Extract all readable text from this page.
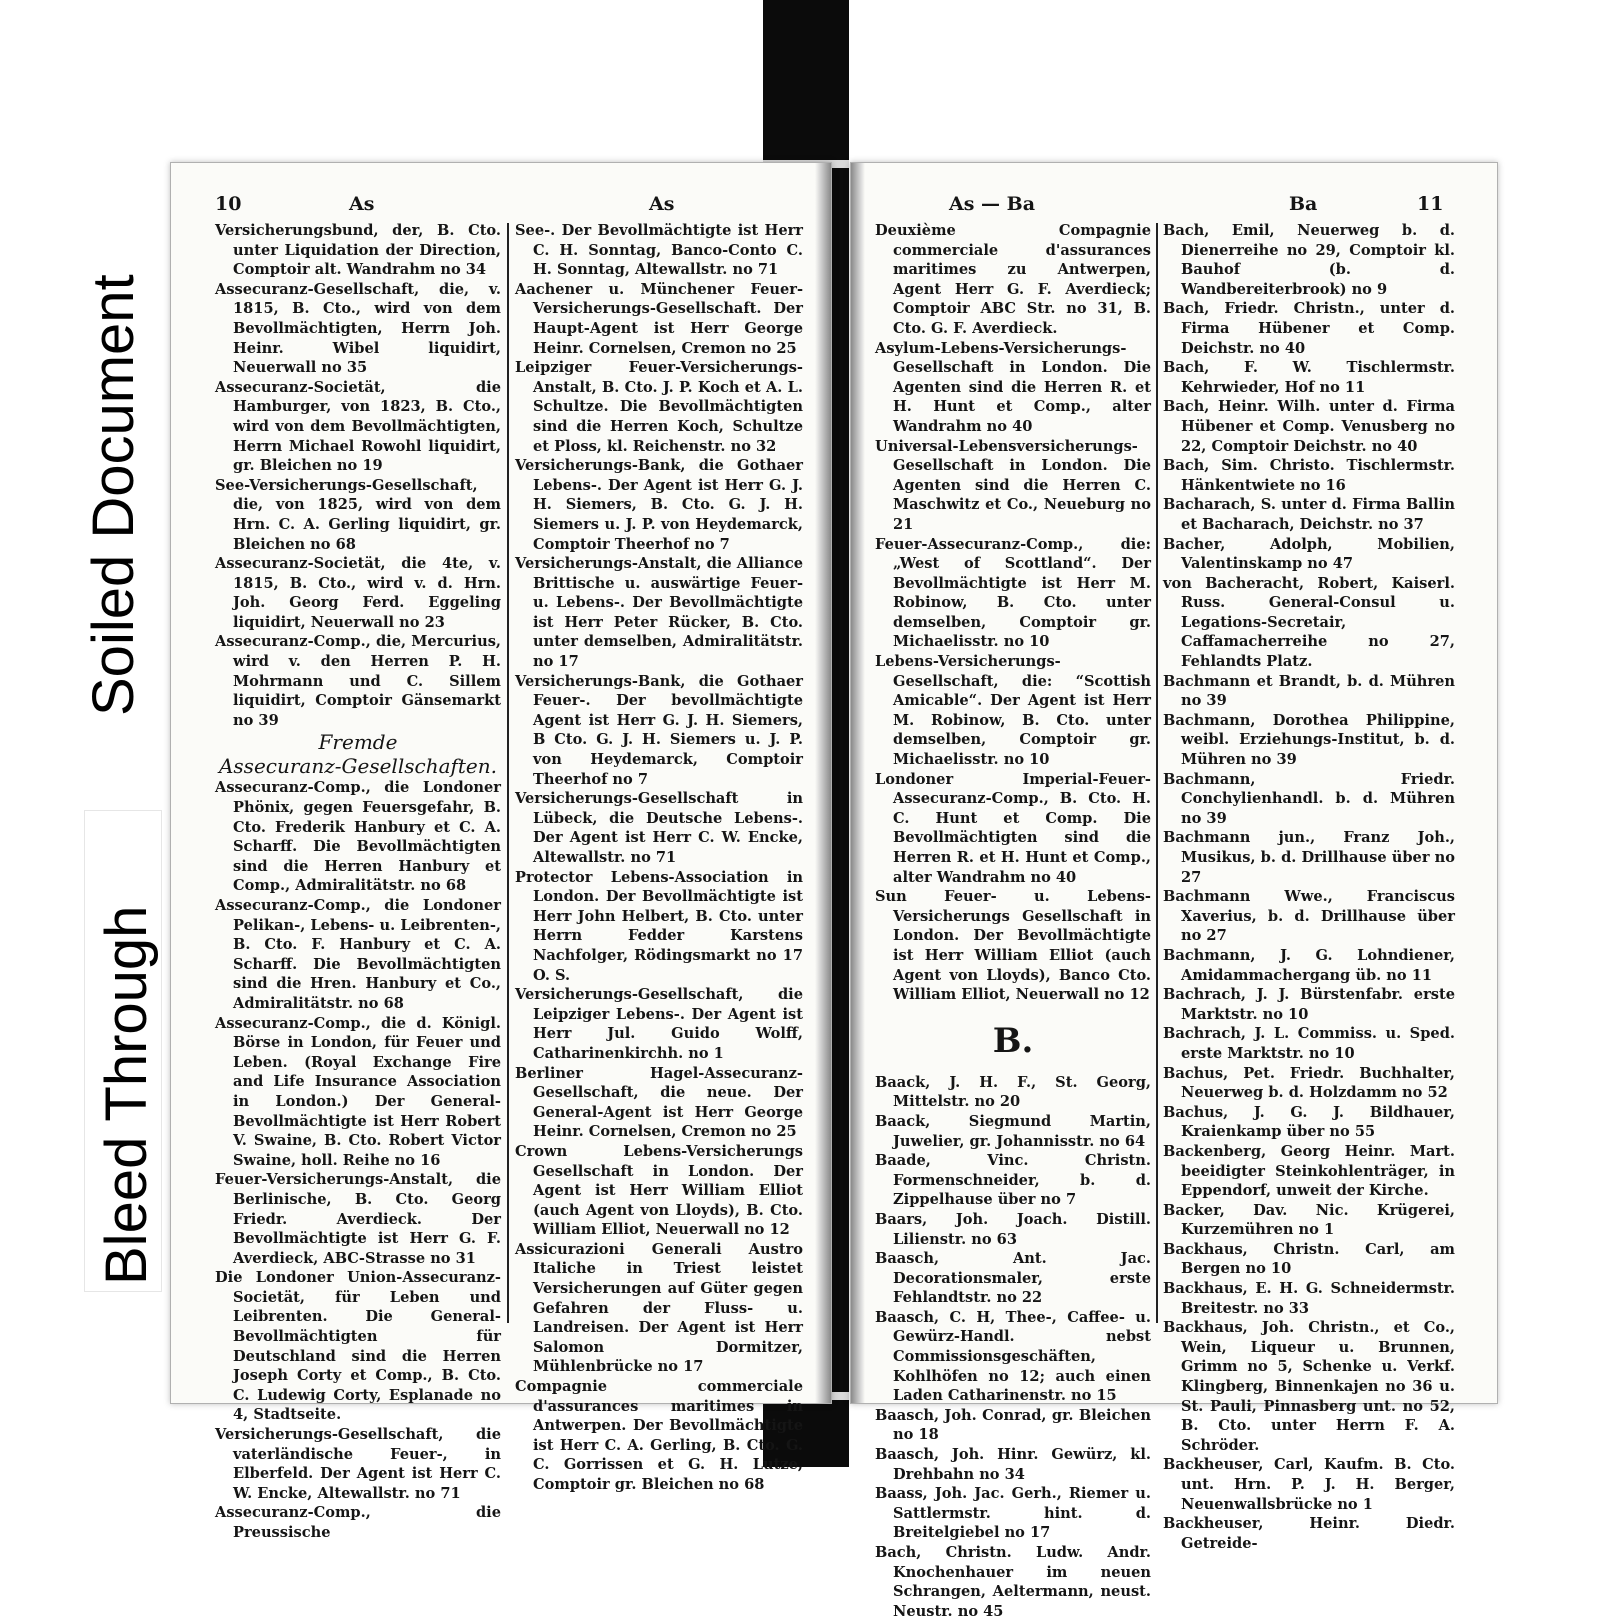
Soiled Document
Bleed Through
10	As	As
Versicherungsbund, der, B. Cto. unter Liquidation der Direction, Comptoir alt. Wandrahm no 34
Assecuranz-Gesellschaft, die, v. 1815, B. Cto., wird von dem Bevollmächtigten, Herrn Joh. Heinr. Wibel liquidirt, Neuerwall no 35
Assecuranz-Societät, die Hamburger, von 1823, B. Cto., wird von dem Bevollmächtigten, Herrn Michael Rowohl liquidirt, gr. Bleichen no 19
See-Versicherungs-Gesellschaft, die, von 1825, wird von dem Hrn. C. A. Gerling liquidirt, gr. Bleichen no 68
Assecuranz-Societät, die 4te, v. 1815, B. Cto., wird v. d. Hrn. Joh. Georg Ferd. Eggeling liquidirt, Neuerwall no 23
Assecuranz-Comp., die, Mercurius, wird v. den Herren P. H. Mohrmann und C. Sillem liquidirt, Comptoir Gänsemarkt no 39
Fremde
Assecuranz-Gesellschaften.
Assecuranz-Comp., die Londoner Phönix, gegen Feuersgefahr, B. Cto. Frederik Hanbury et C. A. Scharff. Die Bevollmächtigten sind die Herren Hanbury et Comp., Admiralitätstr. no 68
Assecuranz-Comp., die Londoner Pelikan-, Lebens- u. Leibrenten-, B. Cto. F. Hanbury et C. A. Scharff. Die Bevollmächtigten sind die Hren. Hanbury et Co., Admiralitätstr. no 68
Assecuranz-Comp., die d. Königl. Börse in London, für Feuer und Leben. (Royal Exchange Fire and Life Insurance Association in London.) Der General-Bevollmächtigte ist Herr Robert V. Swaine, B. Cto. Robert Victor Swaine, holl. Reihe no 16
Feuer-Versicherungs-Anstalt, die Berlinische, B. Cto. Georg Friedr. Averdieck. Der Bevollmächtigte ist Herr G. F. Averdieck, ABC-Strasse no 31
Die Londoner Union-Assecuranz-Societät, für Leben und Leibrenten. Die General-Bevollmächtigten für Deutschland sind die Herren Joseph Corty et Comp., B. Cto. C. Ludewig Corty, Esplanade no 4, Stadtseite.
Versicherungs-Gesellschaft, die vaterländische Feuer-, in Elberfeld. Der Agent ist Herr C. W. Encke, Altewallstr. no 71
Assecuranz-Comp., die Preussische
See-. Der Bevollmächtigte ist Herr C. H. Sonntag, Banco-Conto C. H. Sonntag, Altewallstr. no 71
Aachener u. Münchener Feuer-Versicherungs-Gesellschaft. Der Haupt-Agent ist Herr George Heinr. Cornelsen, Cremon no 25
Leipziger Feuer-Versicherungs-Anstalt, B. Cto. J. P. Koch et A. L. Schultze. Die Bevollmächtigten sind die Herren Koch, Schultze et Ploss, kl. Reichenstr. no 32
Versicherungs-Bank, die Gothaer Lebens-. Der Agent ist Herr G. J. H. Siemers, B. Cto. G. J. H. Siemers u. J. P. von Heydemarck, Comptoir Theerhof no 7
Versicherungs-Anstalt, die Alliance Brittische u. auswärtige Feuer- u. Lebens-. Der Bevollmächtigte ist Herr Peter Rücker, B. Cto. unter demselben, Admiralitätstr. no 17
Versicherungs-Bank, die Gothaer Feuer-. Der bevollmächtigte Agent ist Herr G. J. H. Siemers, B Cto. G. J. H. Siemers u. J. P. von Heydemarck, Comptoir Theerhof no 7
Versicherungs-Gesellschaft in Lübeck, die Deutsche Lebens-. Der Agent ist Herr C. W. Encke, Altewallstr. no 71
Protector Lebens-Association in London. Der Bevollmächtigte ist Herr John Helbert, B. Cto. unter Herrn Fedder Karstens Nachfolger, Rödingsmarkt no 17 O. S.
Versicherungs-Gesellschaft, die Leipziger Lebens-. Der Agent ist Herr Jul. Guido Wolff, Catharinenkirchh. no 1
Berliner Hagel-Assecuranz-Gesellschaft, die neue. Der General-Agent ist Herr George Heinr. Cornelsen, Cremon no 25
Crown Lebens-Versicherungs Gesellschaft in London. Der Agent ist Herr William Elliot (auch Agent von Lloyds), B. Cto. William Elliot, Neuerwall no 12
Assicurazioni Generali Austro Italiche in Triest leistet Versicherungen auf Güter gegen Gefahren der Fluss- u. Landreisen. Der Agent ist Herr Salomon Dormitzer, Mühlenbrücke no 17
Compagnie commerciale d'assurances maritimes in Antwerpen. Der Bevollmächtigte ist Herr C. A. Gerling, B. Cto. G. C. Gorrissen et G. H. Lutze, Comptoir gr. Bleichen no 68
As — Ba	Ba	11
Deuxième Compagnie commerciale d'assurances maritimes zu Antwerpen, Agent Herr G. F. Averdieck; Comptoir ABC Str. no 31, B. Cto. G. F. Averdieck.
Asylum-Lebens-Versicherungs-Gesellschaft in London. Die Agenten sind die Herren R. et H. Hunt et Comp., alter Wandrahm no 40
Universal-Lebensversicherungs-Gesellschaft in London. Die Agenten sind die Herren C. Maschwitz et Co., Neueburg no 21
Feuer-Assecuranz-Comp., die: „West of Scottland“. Der Bevollmächtigte ist Herr M. Robinow, B. Cto. unter demselben, Comptoir gr. Michaelisstr. no 10
Lebens-Versicherungs-Gesellschaft, die: “Scottish Amicable“. Der Agent ist Herr M. Robinow, B. Cto. unter demselben, Comptoir gr. Michaelisstr. no 10
Londoner Imperial-Feuer-Assecuranz-Comp., B. Cto. H. C. Hunt et Comp. Die Bevollmächtigten sind die Herren R. et H. Hunt et Comp., alter Wandrahm no 40
Sun Feuer- u. Lebens-Versicherungs Gesellschaft in London. Der Bevollmächtigte ist Herr William Elliot (auch Agent von Lloyds), Banco Cto. William Elliot, Neuerwall no 12
B.
Baack, J. H. F., St. Georg, Mittelstr. no 20
Baack, Siegmund Martin, Juwelier, gr. Johannisstr. no 64
Baade, Vinc. Christn. Formenschneider, b. d. Zippelhause über no 7
Baars, Joh. Joach. Distill. Lilienstr. no 63
Baasch, Ant. Jac. Decorationsmaler, erste Fehlandtstr. no 22
Baasch, C. H, Thee-, Caffee- u. Gewürz-Handl. nebst Commissionsgeschäften, Kohlhöfen no 12; auch einen Laden Catharinenstr. no 15
Baasch, Joh. Conrad, gr. Bleichen no 18
Baasch, Joh. Hinr. Gewürz, kl. Drehbahn no 34
Baass, Joh. Jac. Gerh., Riemer u. Sattlermstr. hint. d. Breitelgiebel no 17
Bach, Christn. Ludw. Andr. Knochenhauer im neuen Schrangen, Aeltermann, neust. Neustr. no 45
Bach, Emil, Neuerweg b. d. Dienerreihe no 29, Comptoir kl. Bauhof (b. d. Wandbereiterbrook) no 9
Bach, Friedr. Christn., unter d. Firma Hübener et Comp. Deichstr. no 40
Bach, F. W. Tischlermstr. Kehrwieder, Hof no 11
Bach, Heinr. Wilh. unter d. Firma Hübener et Comp. Venusberg no 22, Comptoir Deichstr. no 40
Bach, Sim. Christo. Tischlermstr. Hänkentwiete no 16
Bacharach, S. unter d. Firma Ballin et Bacharach, Deichstr. no 37
Bacher, Adolph, Mobilien, Valentinskamp no 47
von Bacheracht, Robert, Kaiserl. Russ. General-Consul u. Legations-Secretair, Caffamacherreihe no 27, Fehlandts Platz.
Bachmann et Brandt, b. d. Mühren no 39
Bachmann, Dorothea Philippine, weibl. Erziehungs-Institut, b. d. Mühren no 39
Bachmann, Friedr. Conchylienhandl. b. d. Mühren no 39
Bachmann jun., Franz Joh., Musikus, b. d. Drillhause über no 27
Bachmann Wwe., Franciscus Xaverius, b. d. Drillhause über no 27
Bachmann, J. G. Lohndiener, Amidammachergang üb. no 11
Bachrach, J. J. Bürstenfabr. erste Marktstr. no 10
Bachrach, J. L. Commiss. u. Sped. erste Marktstr. no 10
Bachus, Pet. Friedr. Buchhalter, Neuerweg b. d. Holzdamm no 52
Bachus, J. G. J. Bildhauer, Kraienkamp über no 55
Backenberg, Georg Heinr. Mart. beeidigter Steinkohlenträger, in Eppendorf, unweit der Kirche.
Backer, Dav. Nic. Krügerei, Kurzemühren no 1
Backhaus, Christn. Carl, am Bergen no 10
Backhaus, E. H. G. Schneidermstr. Breitestr. no 33
Backhaus, Joh. Christn., et Co., Wein, Liqueur u. Brunnen, Grimm no 5, Schenke u. Verkf. Klingberg, Binnenkajen no 36 u. St. Pauli, Pinnasberg unt. no 52, B. Cto. unter Herrn F. A. Schröder.
Backheuser, Carl, Kaufm. B. Cto. unt. Hrn. P. J. H. Berger, Neuenwallsbrücke no 1
Backheuser, Heinr. Diedr. Getreide-
